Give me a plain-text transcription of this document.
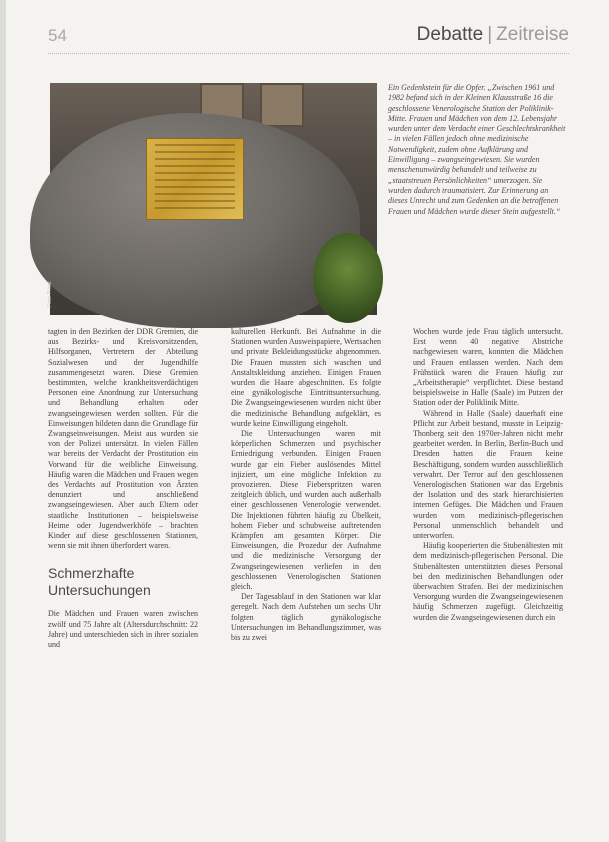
54	Debatte | Zeitreise
Foto: Privat
Ein Gedenkstein für die Opfer. „Zwischen 1961 und 1982 befand sich in der Kleinen Klausstraße 16 die geschlossene Venerologische Station der Poliklinik-Mitte. Frauen und Mädchen von dem 12. Lebensjahr wurden unter dem Verdacht einer Geschlechtskrankheit – in vielen Fällen jedoch ohne medizinische Notwendigkeit, zudem ohne Aufklärung und Einwilligung – zwangseingewiesen. Sie wurden menschenunwürdig behandelt und teilweise zu „staatstreuen Persönlichkeiten“ umerzogen. Sie wurden dadurch traumatisiert. Zur Erinnerung an dieses Unrecht und zum Gedenken an die betroffenen Frauen und Mädchen wurde dieser Stein aufgestellt.“

tagten in den Bezirken der DDR Gremien, die aus Bezirks- und Kreisvorsitzenden, Hilfsorganen, Vertretern der Abteilung Sozialwesen und der Jugendhilfe zusammengesetzt waren. Diese Gremien bestimmten, welche krankheitsverdächtigen Personen eine Anordnung zur Untersuchung und Behandlung erhalten oder zwangseingewiesen werden sollten. Für die Einweisungen bildeten dann die Grundlage für Zwangseinweisungen. Meist aus wurden sie von der Polizei untersützt. In vielen Fällen war bereits der Verdacht der Prostitution ein Vorwand für die weibliche Einweisung. Häufig waren die Mädchen und Frauen wegen des Verdachts auf Prostitution von Ärzten denunziert und anschließend zwangseingewiesen. Aber auch Eltern oder staatliche Institutionen – beispielsweise Heime oder Jugendwerkhöfe – brachten Kinder auf diese geschlossenen Stationen, wenn sie mit ihnen überfordert waren.

Schmerzhafte Untersuchungen

Die Mädchen und Frauen waren zwischen zwölf und 75 Jahre alt (Altersdurchschnitt: 22 Jahre) und unterschieden sich in ihrer sozialen und

kulturellen Herkunft. Bei Aufnahme in die Stationen wurden Ausweispapiere, Wertsachen und private Bekleidungsstücke abgenommen. Die Frauen mussten sich waschen und Anstaltskleidung anziehen. Einigen Frauen wurden die Haare abgeschnitten. Es folgte eine gynäkologische Eintrittsuntersuchung. Die Zwangseingewiesenen wurden nicht über die medizinische Behandlung aufgeklärt, es wurde keine Einwilligung eingeholt.

Die Untersuchungen waren mit körperlichen Schmerzen und psychischer Erniedrigung verbunden. Einigen Frauen wurde gar ein Fieber auslösendes Mittel injiziert, um eine mögliche Infektion zu provozieren. Diese Fieberspritzen waren zeitgleich üblich, und wurden auch außerhalb einer geschlossenen Venerologie verwendet. Die Injektionen führten häufig zu Übelkeit, hohem Fieber und schubweise auftretenden Krämpfen am gesamten Körper. Die Einweisungen, die Prozedur der Aufnahme und die medizinische Versorgung der Zwangseingewiesenen verliefen in den geschlossenen Venerologischen Stationen gleich.

Der Tagesablauf in den Stationen war klar geregelt. Nach dem Aufstehen um sechs Uhr folgten täglich gynäkologische Untersuchungen im Behandlungszimmer, was bis zu zwei

Wochen wurde jede Frau täglich untersucht. Erst wenn 40 negative Abstriche nachgewiesen waren, konnten die Mädchen und Frauen entlassen werden. Nach dem Frühstück waren die Frauen häufig zur „Arbeitstherapie“ verpflichtet. Diese bestand beispielsweise in Halle (Saale) im Putzen der Station oder der Poliklinik Mitte.

Während in Halle (Saale) dauerhaft eine Pflicht zur Arbeit bestand, musste in Leipzig-Thonberg seit den 1970er-Jahren nicht mehr gearbeitet werden. In Berlin, Berlin-Buch und Dresden hatten die Frauen keine Beschäftigung, sondern wurden ausschließlich verwahrt. Der Terror auf den geschlossenen Venerologischen Stationen war das Ergebnis der Isolation und des stark hierarchisierten internen Gefüges. Die Mädchen und Frauen wurden vom medizinisch-pflegerischen Personal unmenschlich behandelt und unterworfen.

Häufig kooperierten die Stubenältesten mit dem medizinisch-pflegerischen Personal. Die Stubenältesten unterstützten dieses Personal bei den medizinischen Behandlungen oder überwachten Strafen. Bei der medizinischen Versorgung wurden die Zwangseingewiesenen häufig Schmerzen zugefügt. Gleichzeitig wurden die Zwangseingewiesenen durch ein
